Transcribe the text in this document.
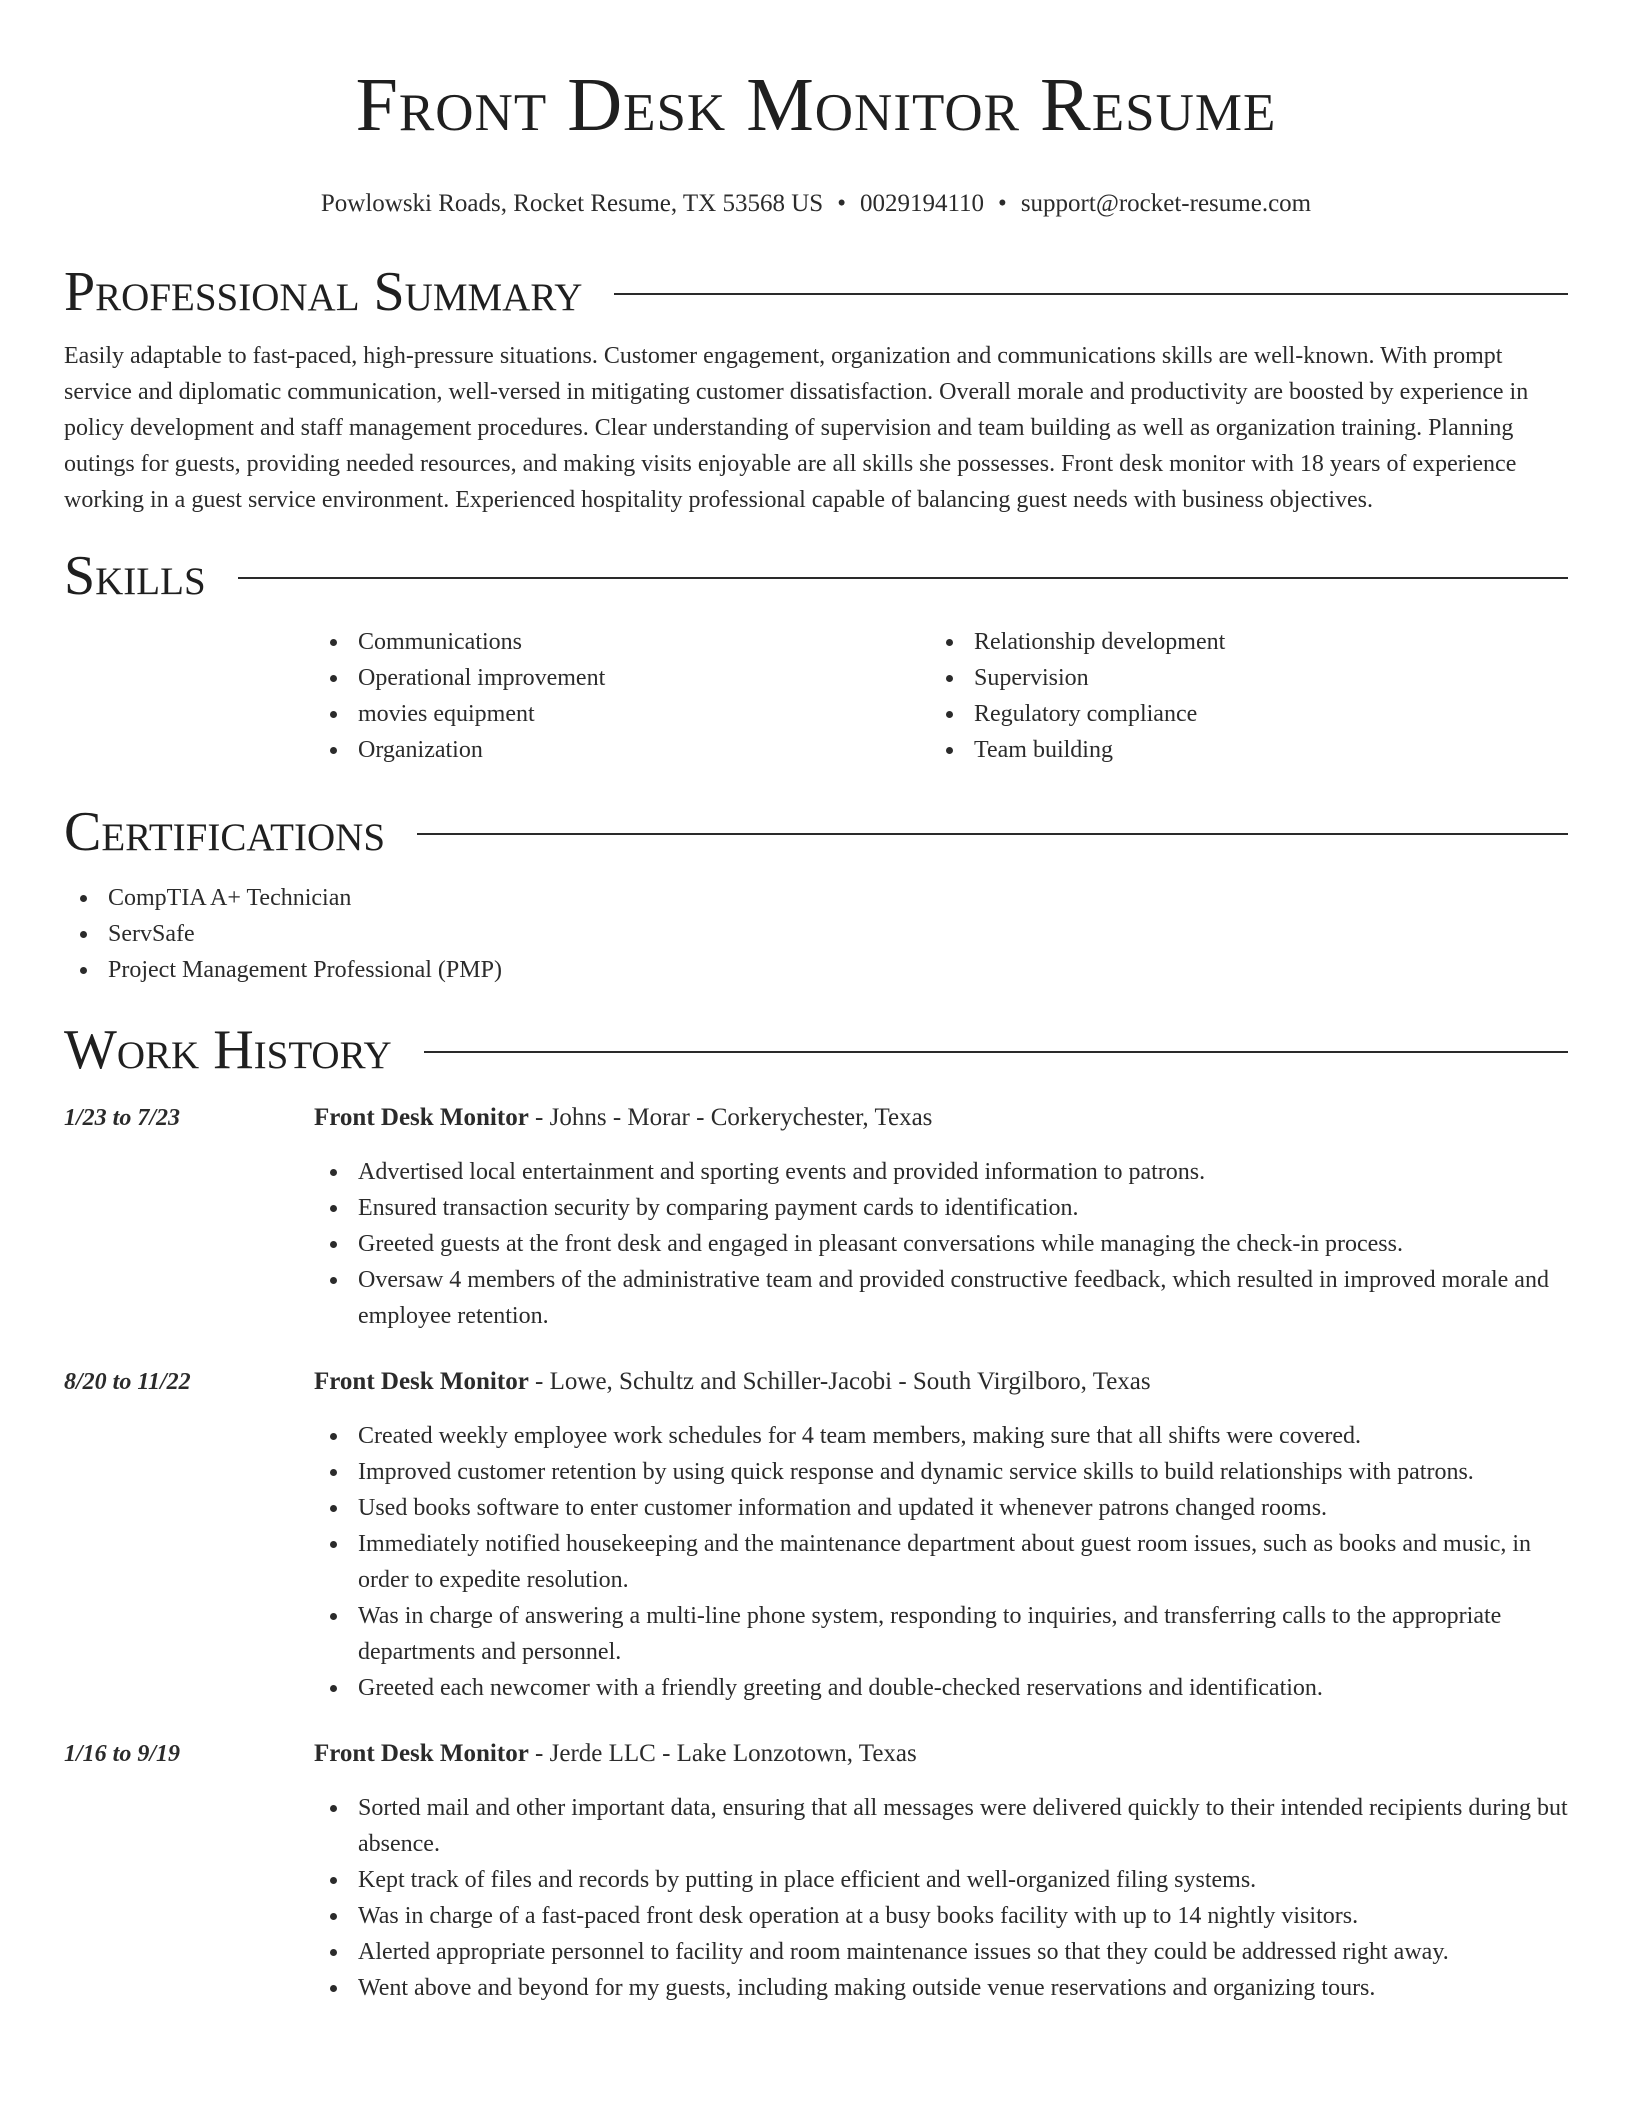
Front Desk Monitor Resume
Powlowski Roads, Rocket Resume, TX 53568 US • 0029194110 • support@rocket-resume.com
Professional Summary

Easily adaptable to fast-paced, high-pressure situations. Customer engagement, organization and communications skills are well-known. With prompt service and diplomatic communication, well-versed in mitigating customer dissatisfaction. Overall morale and productivity are boosted by experience in policy development and staff management procedures. Clear understanding of supervision and team building as well as organization training. Planning outings for guests, providing needed resources, and making visits enjoyable are all skills she possesses. Front desk monitor with 18 years of experience working in a guest service environment. Experienced hospitality professional capable of balancing guest needs with business objectives.

Skills
Communications
Operational improvement
movies equipment
Organization
Relationship development
Supervision
Regulatory compliance
Team building
Certifications
CompTIA A+ Technician
ServSafe
Project Management Professional (PMP)
Work History
1/23 to 7/23	Front Desk Monitor - Johns - Morar - Corkerychester, Texas
Advertised local entertainment and sporting events and provided information to patrons.
Ensured transaction security by comparing payment cards to identification.
Greeted guests at the front desk and engaged in pleasant conversations while managing the check-in process.
Oversaw 4 members of the administrative team and provided constructive feedback, which resulted in improved morale and employee retention.
8/20 to 11/22	Front Desk Monitor - Lowe, Schultz and Schiller-Jacobi - South Virgilboro, Texas
Created weekly employee work schedules for 4 team members, making sure that all shifts were covered.
Improved customer retention by using quick response and dynamic service skills to build relationships with patrons.
Used books software to enter customer information and updated it whenever patrons changed rooms.
Immediately notified housekeeping and the maintenance department about guest room issues, such as books and music, in order to expedite resolution.
Was in charge of answering a multi-line phone system, responding to inquiries, and transferring calls to the appropriate departments and personnel.
Greeted each newcomer with a friendly greeting and double-checked reservations and identification.
1/16 to 9/19	Front Desk Monitor - Jerde LLC - Lake Lonzotown, Texas
Sorted mail and other important data, ensuring that all messages were delivered quickly to their intended recipients during but absence.
Kept track of files and records by putting in place efficient and well-organized filing systems.
Was in charge of a fast-paced front desk operation at a busy books facility with up to 14 nightly visitors.
Alerted appropriate personnel to facility and room maintenance issues so that they could be addressed right away.
Went above and beyond for my guests, including making outside venue reservations and organizing tours.
